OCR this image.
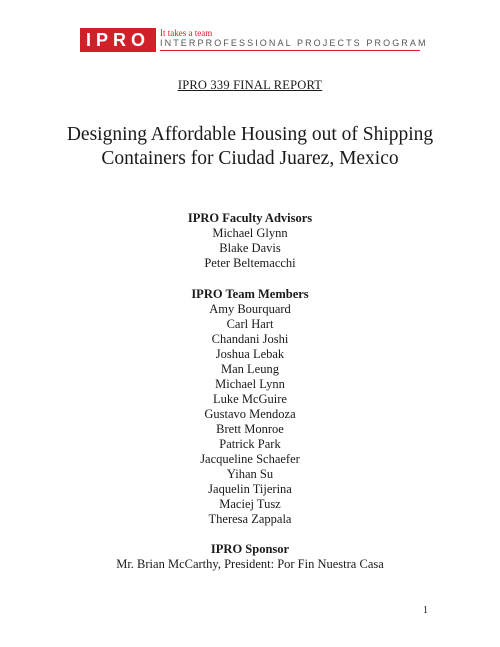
IPRO	It takes a team
INTERPROFESSIONAL PROJECTS PROGRAM
IPRO 339 FINAL REPORT
Designing Affordable Housing out of Shipping Containers for Ciudad Juarez, Mexico
IPRO Faculty Advisors
Michael Glynn
Blake Davis
Peter Beltemacchi
IPRO Team Members
Amy Bourquard
Carl Hart
Chandani Joshi
Joshua Lebak
Man Leung
Michael Lynn
Luke McGuire
Gustavo Mendoza
Brett Monroe
Patrick Park
Jacqueline Schaefer
Yihan Su
Jaquelin Tijerina
Maciej Tusz
Theresa Zappala
IPRO Sponsor
Mr. Brian McCarthy, President: Por Fin Nuestra Casa
1
